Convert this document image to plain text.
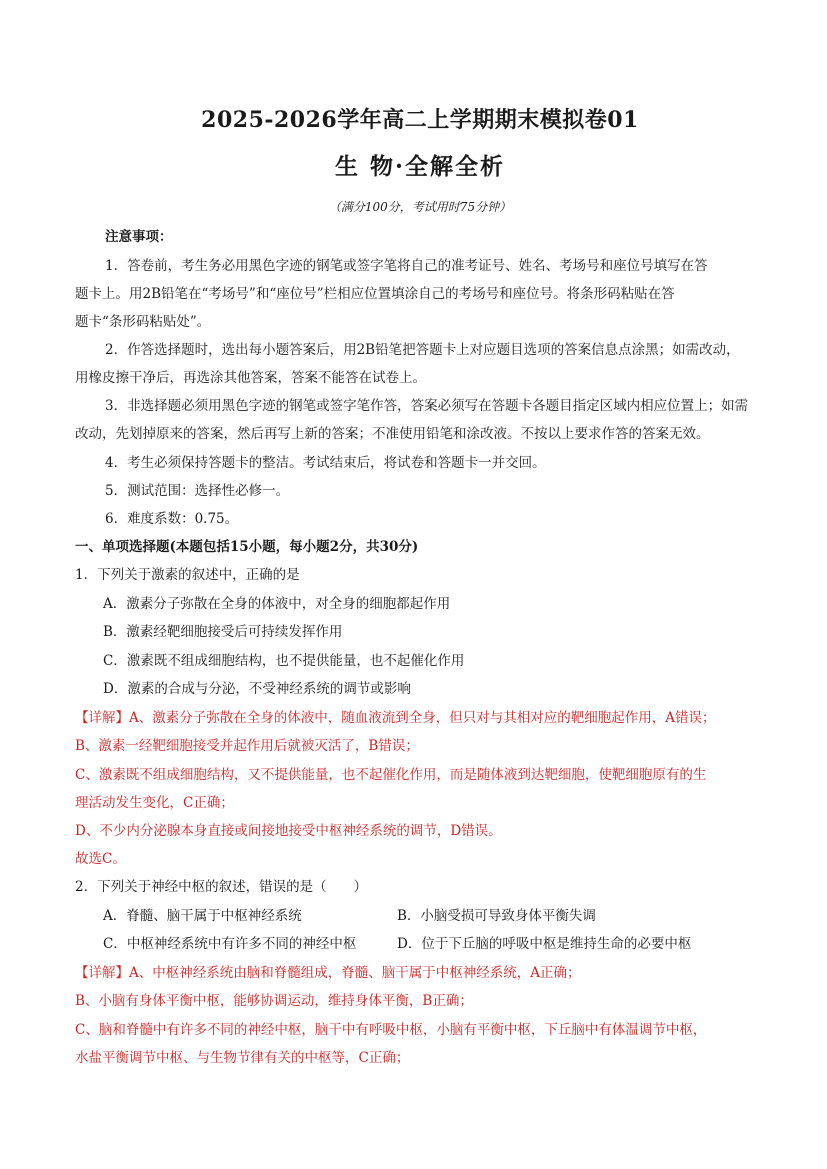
2025-2026学年高二上学期期末模拟卷01
生 物·全解全析
（满分100分，考试用时75分钟）
注意事项：
1．答卷前，考生务必用黑色字迹的钢笔或签字笔将自己的准考证号、姓名、考场号和座位号填写在答
题卡上。用2B铅笔在“考场号”和“座位号”栏相应位置填涂自己的考场号和座位号。将条形码粘贴在答
题卡“条形码粘贴处”。
2．作答选择题时，选出每小题答案后，用2B铅笔把答题卡上对应题目选项的答案信息点涂黑；如需改动，
用橡皮擦干净后，再选涂其他答案，答案不能答在试卷上。
3．非选择题必须用黑色字迹的钢笔或签字笔作答，答案必须写在答题卡各题目指定区域内相应位置上；如需
改动，先划掉原来的答案，然后再写上新的答案；不准使用铅笔和涂改液。不按以上要求作答的答案无效。
4．考生必须保持答题卡的整洁。考试结束后，将试卷和答题卡一并交回。
5．测试范围：选择性必修一。
6．难度系数：0.75。
一、单项选择题(本题包括15小题，每小题2分，共30分)
1．下列关于激素的叙述中，正确的是
A．激素分子弥散在全身的体液中，对全身的细胞都起作用
B．激素经靶细胞接受后可持续发挥作用
C．激素既不组成细胞结构，也不提供能量，也不起催化作用
D．激素的合成与分泌，不受神经系统的调节或影响
【详解】A、激素分子弥散在全身的体液中，随血液流到全身，但只对与其相对应的靶细胞起作用，A错误；
B、激素一经靶细胞接受并起作用后就被灭活了，B错误；
C、激素既不组成细胞结构，又不提供能量，也不起催化作用，而是随体液到达靶细胞，使靶细胞原有的生
理活动发生变化，C正确；
D、不少内分泌腺本身直接或间接地接受中枢神经系统的调节，D错误。
故选C。
2．下列关于神经中枢的叙述，错误的是（　　）
A．脊髓、脑干属于中枢神经系统	B．小脑受损可导致身体平衡失调
C．中枢神经系统中有许多不同的神经中枢	D．位于下丘脑的呼吸中枢是维持生命的必要中枢
【详解】A、中枢神经系统由脑和脊髓组成，脊髓、脑干属于中枢神经系统，A正确；
B、小脑有身体平衡中枢，能够协调运动，维持身体平衡，B正确；
C、脑和脊髓中有许多不同的神经中枢，脑干中有呼吸中枢，小脑有平衡中枢，下丘脑中有体温调节中枢，
水盐平衡调节中枢、与生物节律有关的中枢等，C正确；
